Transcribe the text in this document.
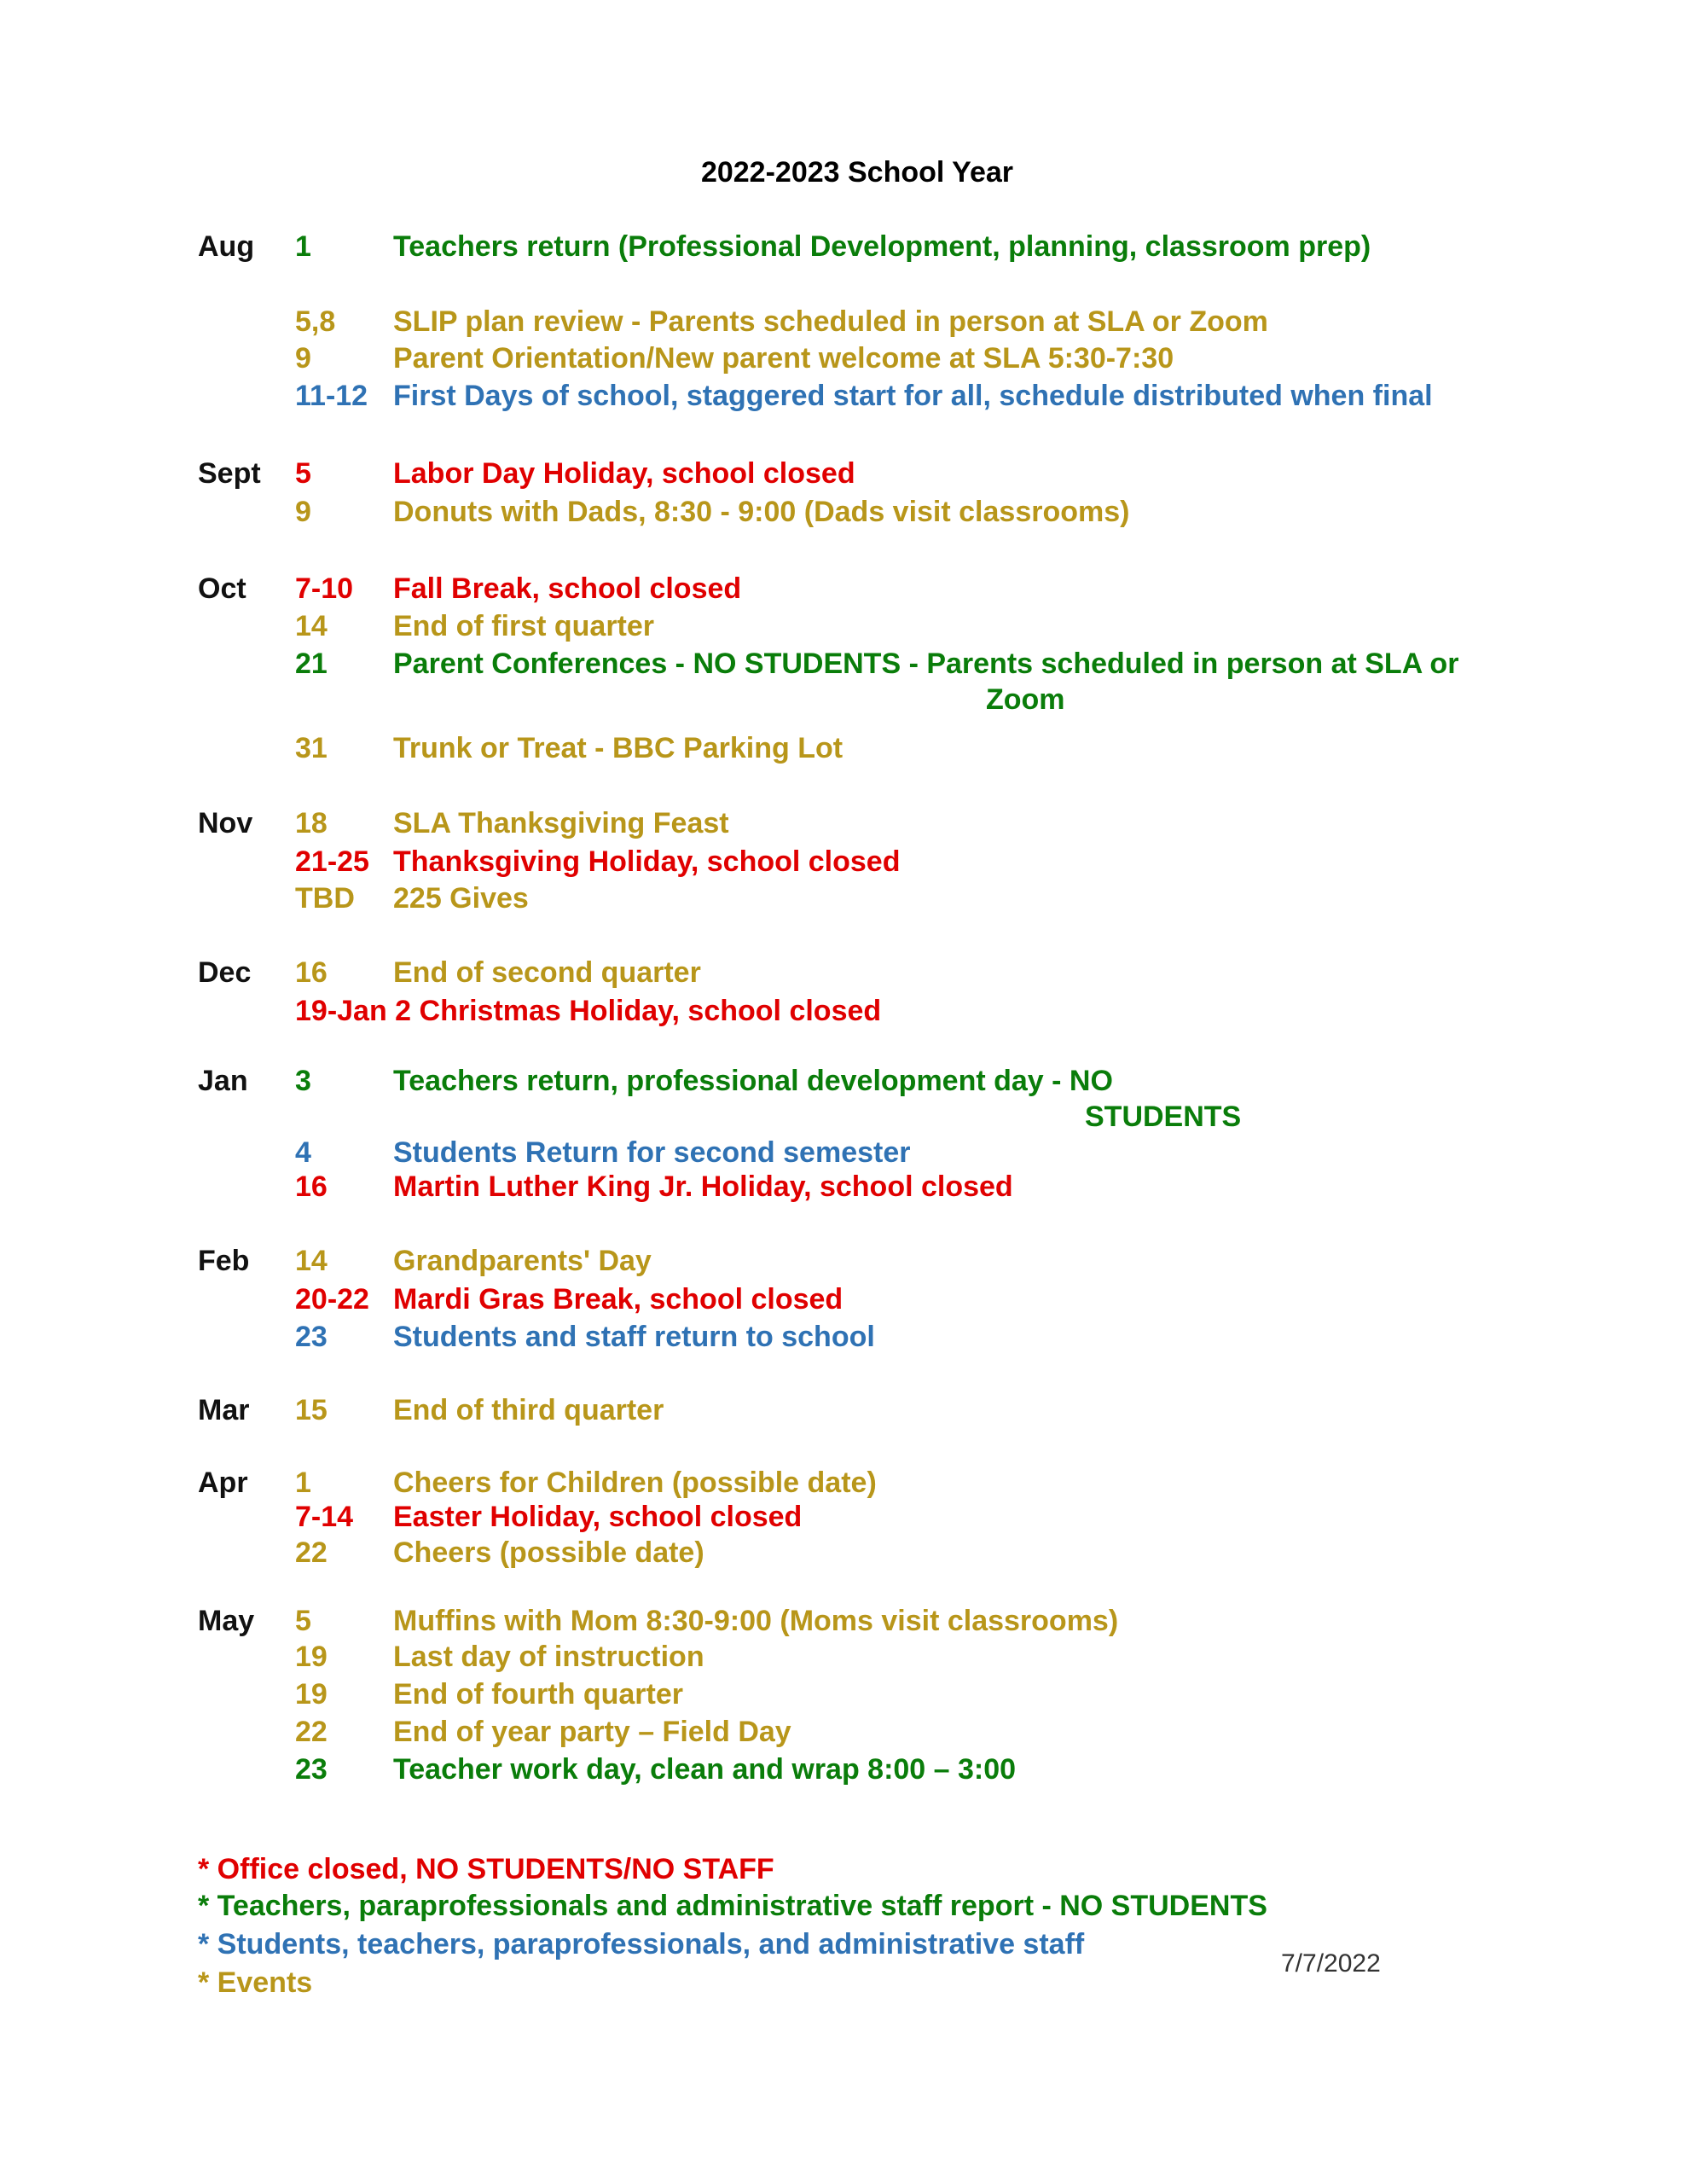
2022-2023 School Year
Aug 1	Teachers return (Professional Development, planning, classroom prep)
5,8 SLIP plan review - Parents scheduled in person at SLA or Zoom
9	Parent Orientation/New parent welcome at SLA 5:30-7:30
11-12 First Days of school, staggered start for all, schedule distributed when final
Sept 5	Labor Day Holiday, school closed
9	Donuts with Dads, 8:30 - 9:00 (Dads visit classrooms)
Oct 7-10 Fall Break, school closed
14 End of first quarter
21 Parent Conferences - NO STUDENTS - Parents scheduled in person at SLA or
Zoom
31 Trunk or Treat - BBC Parking Lot
Nov 18 SLA Thanksgiving Feast
21-25 Thanksgiving Holiday, school closed
TBD 225 Gives
Dec 16 End of second quarter
19-Jan 2 Christmas Holiday, school closed
Jan 3	Teachers return, professional development day - NO
STUDENTS
4	Students Return for second semester
16 Martin Luther King Jr. Holiday, school closed
Feb 14 Grandparents' Day
20-22 Mardi Gras Break, school closed
23 Students and staff return to school
Mar 15 End of third quarter
Apr 1	Cheers for Children (possible date)
7-14 Easter Holiday, school closed
22 Cheers (possible date)
May 5	Muffins with Mom 8:30-9:00 (Moms visit classrooms)
19 Last day of instruction
19 End of fourth quarter
22 End of year party – Field Day
23 Teacher work day, clean and wrap 8:00 – 3:00
* Office closed, NO STUDENTS/NO STAFF
* Teachers, paraprofessionals and administrative staff report - NO STUDENTS
* Students, teachers, paraprofessionals, and administrative staff
* Events
7/7/2022
